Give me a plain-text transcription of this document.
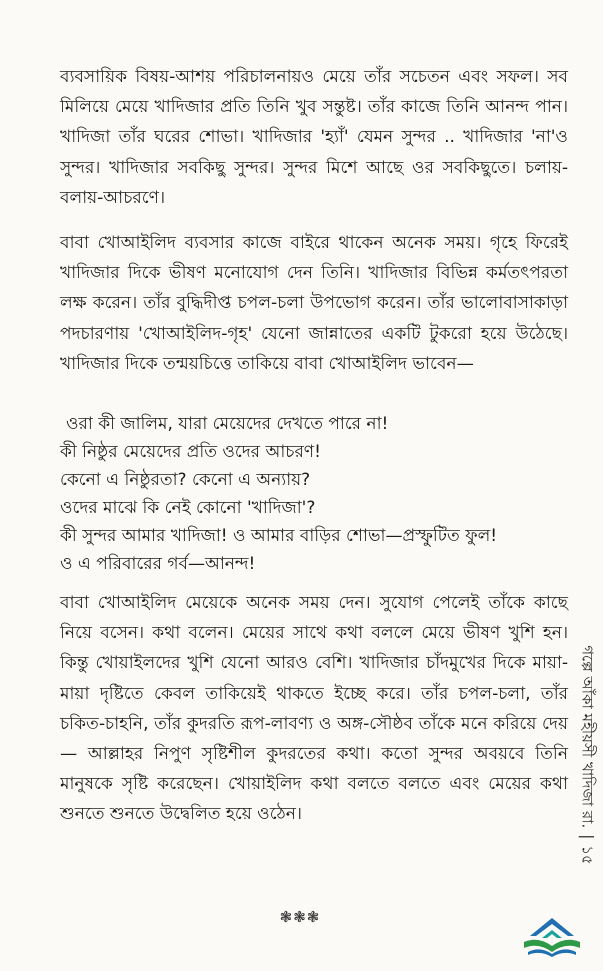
ব্যবসায়িক বিষয়-আশয় পরিচালনায়ও মেয়ে তাঁর সচেতন এবং সফল। সব মিলিয়ে মেয়ে খাদিজার প্রতি তিনি খুব সন্তুষ্ট। তাঁর কাজে তিনি আনন্দ পান। খাদিজা তাঁর ঘরের শোভা। খাদিজার 'হ্যাঁ' যেমন সুন্দর .. খাদিজার 'না'ও সুন্দর। খাদিজার সবকিছু সুন্দর। সুন্দর মিশে আছে ওর সবকিছুতে। চলায়-বলায়-আচরণে।

বাবা খোআইলিদ ব্যবসার কাজে বাইরে থাকেন অনেক সময়। গৃহে ফিরেই খাদিজার দিকে ভীষণ মনোযোগ দেন তিনি। খাদিজার বিভিন্ন কর্মতৎপরতা লক্ষ করেন। তাঁর বুদ্ধিদীপ্ত চপল-চলা উপভোগ করেন। তাঁর ভালোবাসাকাড়া পদচারণায় 'খোআইলিদ-গৃহ' যেনো জান্নাতের একটি টুকরো হয়ে উঠেছে। খাদিজার দিকে তন্ময়চিত্তে তাকিয়ে বাবা খোআইলিদ ভাবেন—

ওরা কী জালিম, যারা মেয়েদের দেখতে পারে না!
কী নিষ্ঠুর মেয়েদের প্রতি ওদের আচরণ!
কেনো এ নিষ্ঠুরতা? কেনো এ অন্যায়?
ওদের মাঝে কি নেই কোনো 'খাদিজা'?
কী সুন্দর আমার খাদিজা! ও আমার বাড়ির শোভা—প্রস্ফুটিত ফুল!
ও এ পরিবারের গর্ব—আনন্দ!

বাবা খোআইলিদ মেয়েকে অনেক সময় দেন। সুযোগ পেলেই তাঁকে কাছে নিয়ে বসেন। কথা বলেন। মেয়ের সাথে কথা বললে মেয়ে ভীষণ খুশি হন। কিন্তু খোয়াইলদের খুশি যেনো আরও বেশি। খাদিজার চাঁদমুখের দিকে মায়া-মায়া দৃষ্টিতে কেবল তাকিয়েই থাকতে ইচ্ছে করে। তাঁর চপল-চলা, তাঁর চকিত-চাহনি, তাঁর কুদরতি রূপ-লাবণ্য ও অঙ্গ-সৌষ্ঠব তাঁকে মনে করিয়ে দেয়— আল্লাহর নিপুণ সৃষ্টিশীল কুদরতের কথা। কতো সুন্দর অবয়বে তিনি মানুষকে সৃষ্টি করেছেন। খোয়াইলিদ কথা বলতে বলতে এবং মেয়ের কথা শুনতে শুনতে উদ্বেলিত হয়ে ওঠেন।

❃❃❃
গল্পে আঁকা মহীয়সী খাদিজা রা.|১৫
